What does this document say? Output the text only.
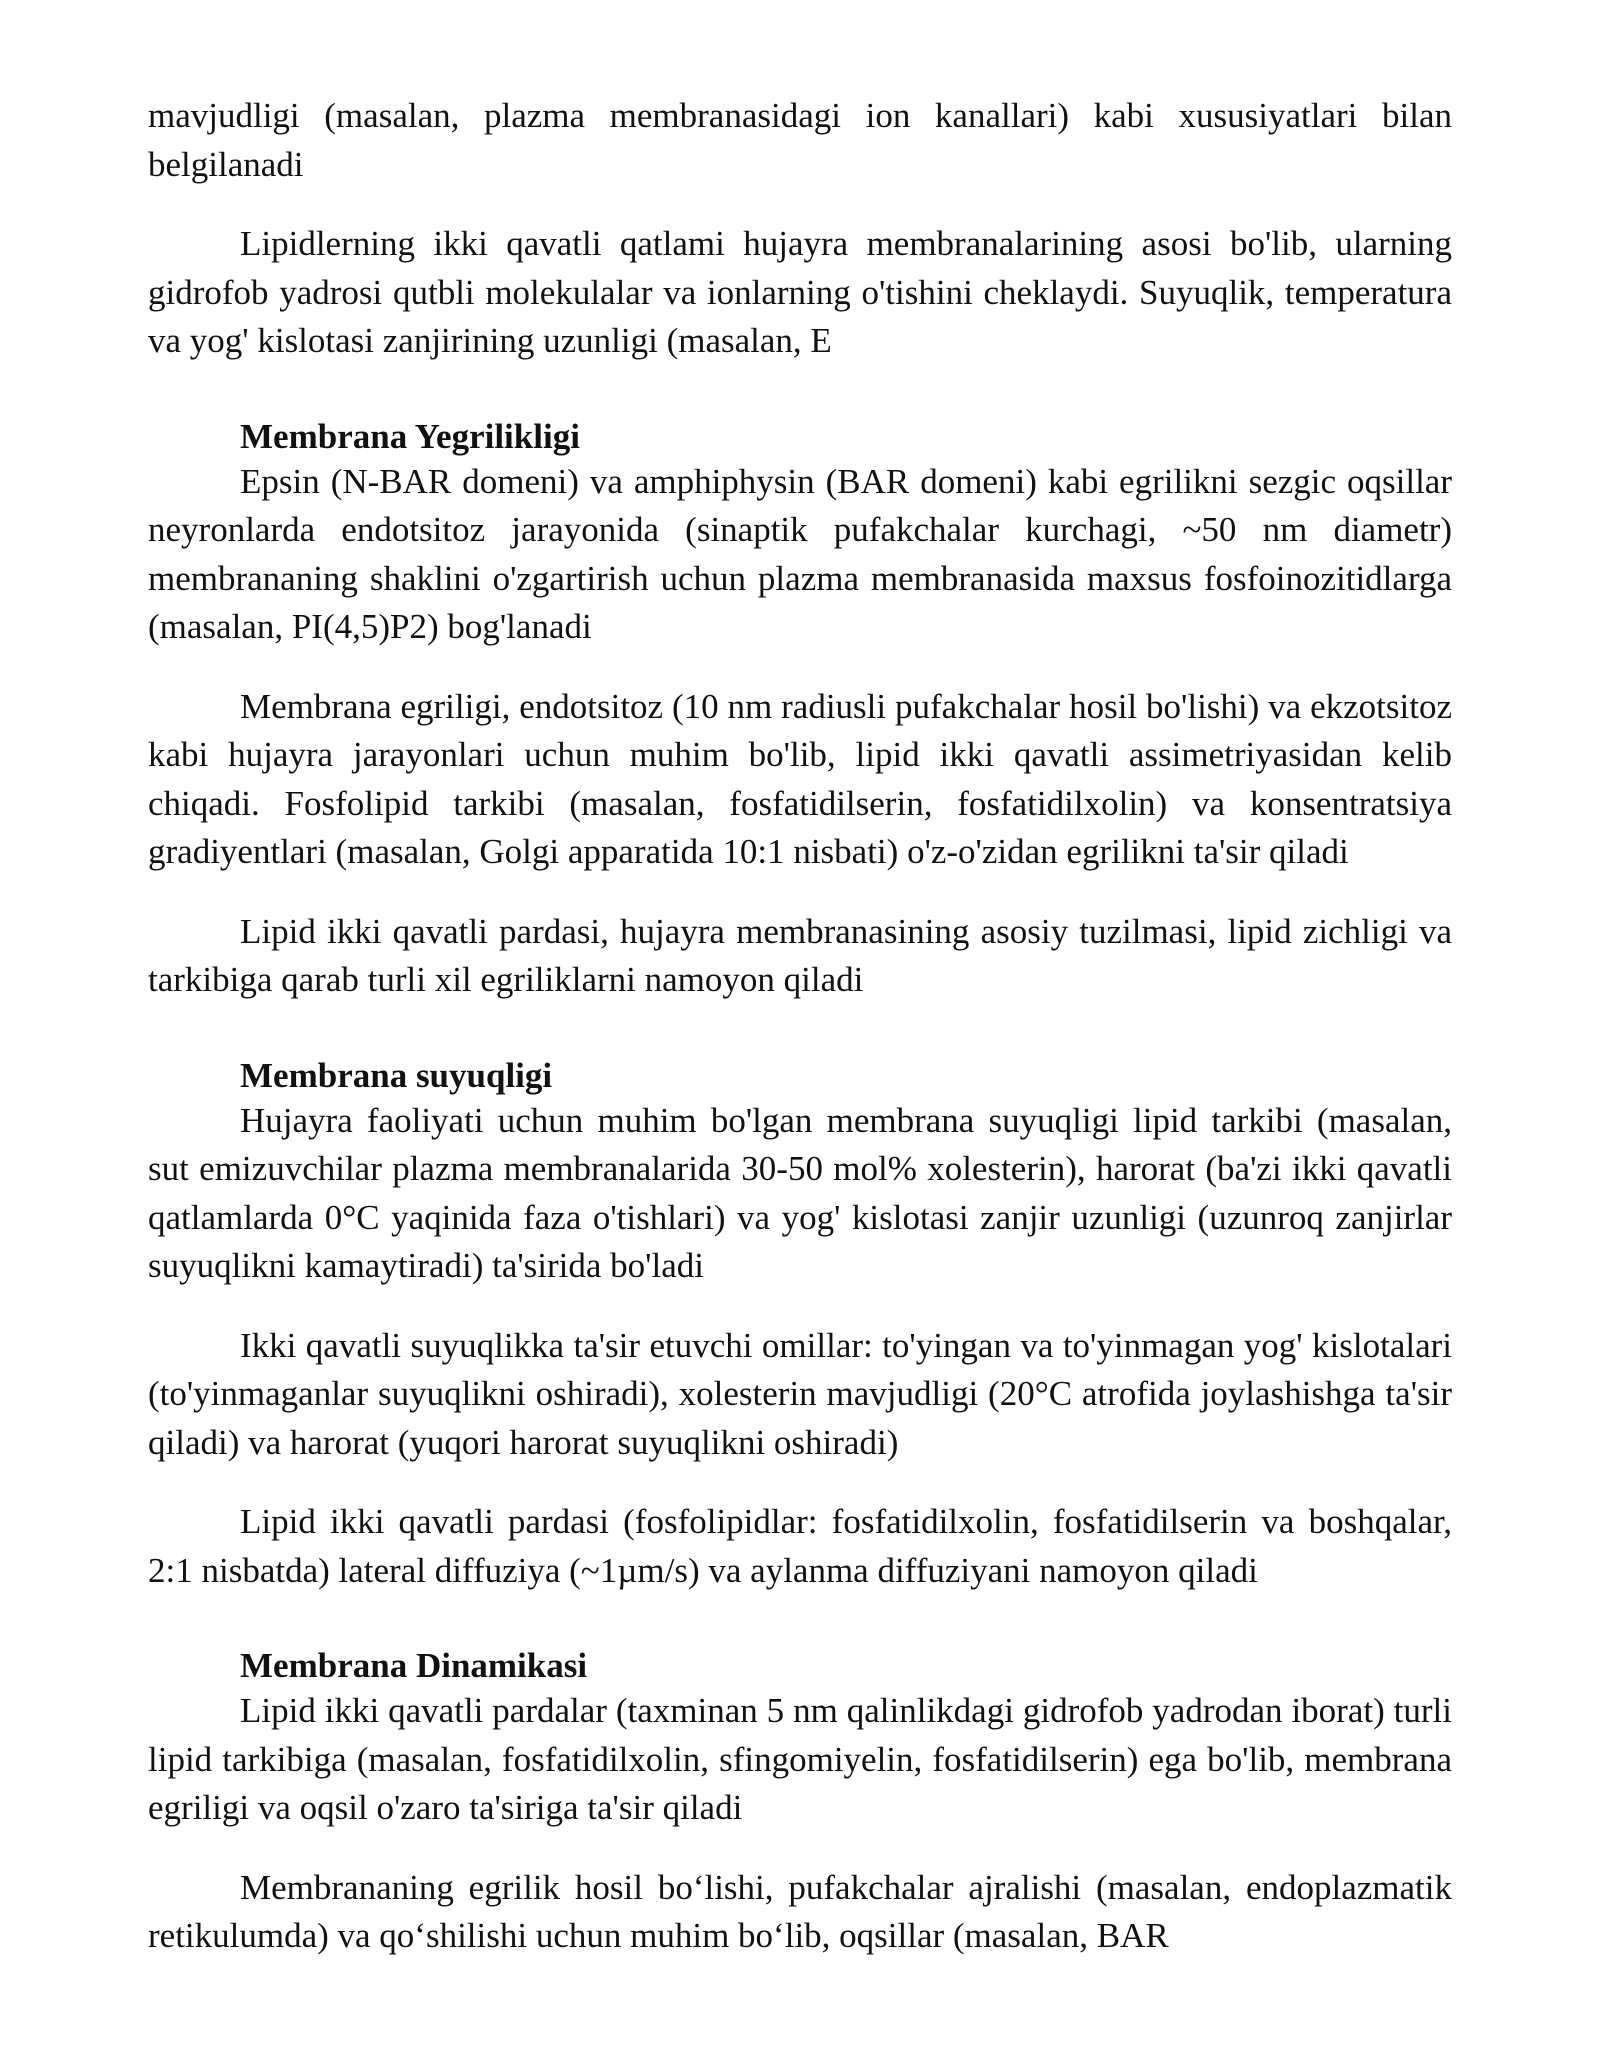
mavjudligi (masalan, plazma membranasidagi ion kanallari) kabi xususiyatlari bilan belgilanadi

Lipidlerning ikki qavatli qatlami hujayra membranalarining asosi bo'lib, ularning gidrofob yadrosi qutbli molekulalar va ionlarning o'tishini cheklaydi. Suyuqlik, temperatura va yog' kislotasi zanjirining uzunligi (masalan, E

Membrana Yegrilikligi

Epsin (N-BAR domeni) va amphiphysin (BAR domeni) kabi egrilikni sezgic oqsillar neyronlarda endotsitoz jarayonida (sinaptik pufakchalar kurchagi, ~50 nm diametr) membrananing shaklini o'zgartirish uchun plazma membranasida maxsus fosfoinozitidlarga (masalan, PI(4,5)P2) bog'lanadi

Membrana egriligi, endotsitoz (10 nm radiusli pufakchalar hosil bo'lishi) va ekzotsitoz kabi hujayra jarayonlari uchun muhim bo'lib, lipid ikki qavatli assimetriyasidan kelib chiqadi. Fosfolipid tarkibi (masalan, fosfatidilserin, fosfatidilxolin) va konsentratsiya gradiyentlari (masalan, Golgi apparatida 10:1 nisbati) o'z-o'zidan egrilikni ta'sir qiladi

Lipid ikki qavatli pardasi, hujayra membranasining asosiy tuzilmasi, lipid zichligi va tarkibiga qarab turli xil egriliklarni namoyon qiladi

Membrana suyuqligi

Hujayra faoliyati uchun muhim bo'lgan membrana suyuqligi lipid tarkibi (masalan, sut emizuvchilar plazma membranalarida 30-50 mol% xolesterin), harorat (ba'zi ikki qavatli qatlamlarda 0°C yaqinida faza o'tishlari) va yog' kislotasi zanjir uzunligi (uzunroq zanjirlar suyuqlikni kamaytiradi) ta'sirida bo'ladi

Ikki qavatli suyuqlikka ta'sir etuvchi omillar: to'yingan va to'yinmagan yog' kislotalari (to'yinmaganlar suyuqlikni oshiradi), xolesterin mavjudligi (20°C atrofida joylashishga ta'sir qiladi) va harorat (yuqori harorat suyuqlikni oshiradi)

Lipid ikki qavatli pardasi (fosfolipidlar: fosfatidilxolin, fosfatidilserin va boshqalar, 2:1 nisbatda) lateral diffuziya (~1µm/s) va aylanma diffuziyani namoyon qiladi

Membrana Dinamikasi

Lipid ikki qavatli pardalar (taxminan 5 nm qalinlikdagi gidrofob yadrodan iborat) turli lipid tarkibiga (masalan, fosfatidilxolin, sfingomiyelin, fosfatidilserin) ega bo'lib, membrana egriligi va oqsil o'zaro ta'siriga ta'sir qiladi

Membrananing egrilik hosil bo‘lishi, pufakchalar ajralishi (masalan, endoplazmatik retikulumda) va qo‘shilishi uchun muhim bo‘lib, oqsillar (masalan, BAR
